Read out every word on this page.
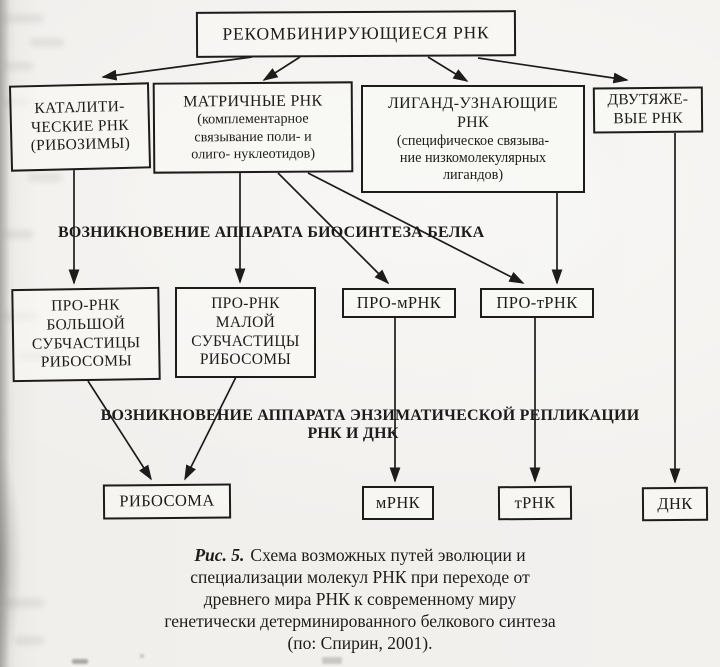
РЕКОМБИНИРУЮЩИЕСЯ РНК
КАТАЛИТИ-
ЧЕСКИЕ РНК
(РИБОЗИМЫ)
МАТРИЧНЫЕ РНК
(комплементарное
связывание поли- и
олиго- нуклеотидов)
ЛИГАНД-УЗНАЮЩИЕ
РНК
(специфическое связыва-
ние низкомолекулярных
лигандов)
ДВУТЯЖЕ-
ВЫЕ РНК
ВОЗНИКНОВЕНИЕ АППАРАТА БИОСИНТЕЗА БЕЛКА
ПРО-РНК
БОЛЬШОЙ
СУБЧАСТИЦЫ
РИБОСОМЫ
ПРО-РНК
МАЛОЙ
СУБЧАСТИЦЫ
РИБОСОМЫ
ПРО-мРНК	ПРО-тРНК
ВОЗНИКНОВЕНИЕ АППАРАТА ЭНЗИМАТИЧЕСКОЙ РЕПЛИКАЦИИ
РНК И ДНК
РИБОСОМА	мРНК	тРНК	ДНК
Рис. 5. Схема возможных путей эволюции и
специализации молекул РНК при переходе от
древнего мира РНК к современному миру
генетически детерминированного белкового синтеза
(по: Спирин, 2001).
